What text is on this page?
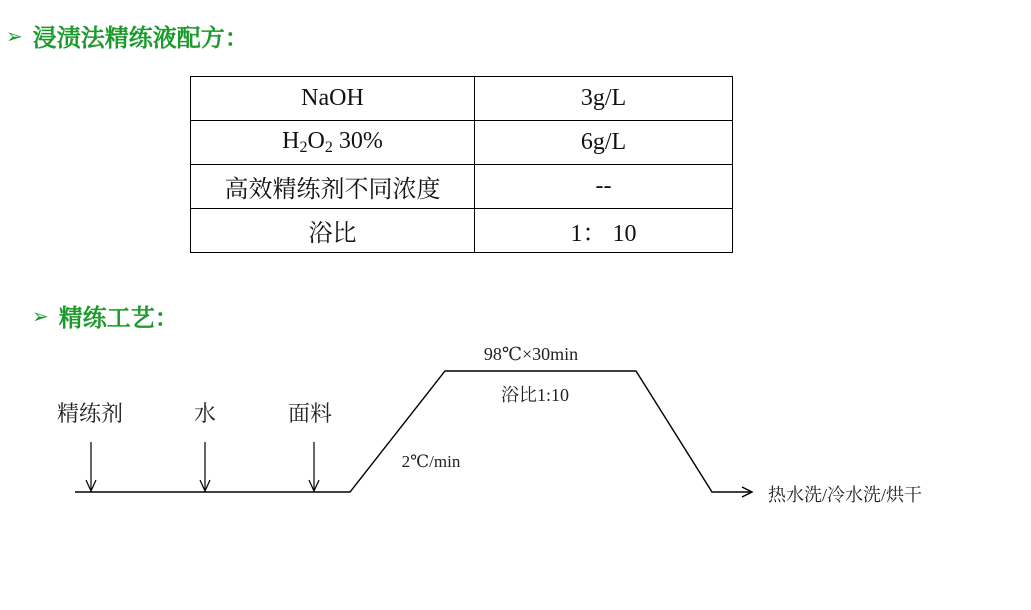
➢ 浸渍法精练液配方：
NaOH	3g/L
$H_2O_2$ 30%	6g/L
高效精练剂不同浓度	--
浴比	1： 10
➢ 精练工艺：
精练剂	水	面料
2℃/min
98℃×30min
浴比1:10
热水洗/冷水洗/烘干
